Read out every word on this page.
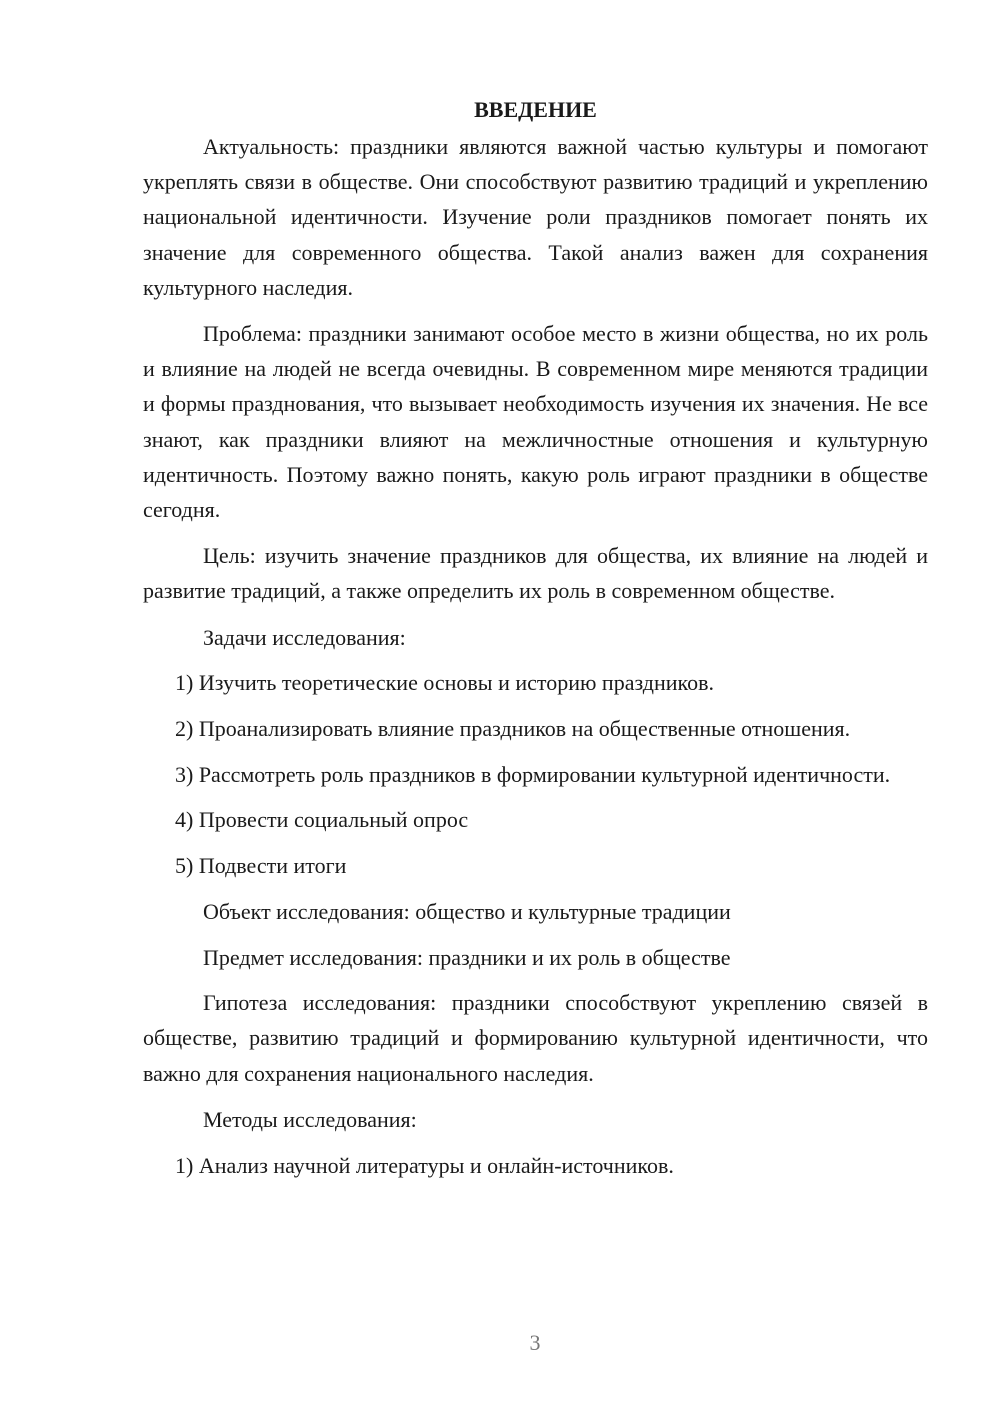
ВВЕДЕНИЕ

Актуальность: праздники являются важной частью культуры и помогают укреплять связи в обществе. Они способствуют развитию традиций и укреплению национальной идентичности. Изучение роли праздников помогает понять их значение для современного общества. Такой анализ важен для сохранения культурного наследия.

Проблема: праздники занимают особое место в жизни общества, но их роль и влияние на людей не всегда очевидны. В современном мире меняются традиции и формы празднования, что вызывает необходимость изучения их значения. Не все знают, как праздники влияют на межличностные отношения и культурную идентичность. Поэтому важно понять, какую роль играют праздники в обществе сегодня.

Цель: изучить значение праздников для общества, их влияние на людей и развитие традиций, а также определить их роль в современном обществе.

Задачи исследования:
1) Изучить теоретические основы и историю праздников.
2) Проанализировать влияние праздников на общественные отношения.
3) Рассмотреть роль праздников в формировании культурной идентичности.
4) Провести социальный опрос
5) Подвести итоги
Объект исследования: общество и культурные традиции
Предмет исследования: праздники и их роль в обществе

Гипотеза исследования: праздники способствуют укреплению связей в обществе, развитию традиций и формированию культурной идентичности, что важно для сохранения национального наследия.

Методы исследования:
1) Анализ научной литературы и онлайн-источников.
3
